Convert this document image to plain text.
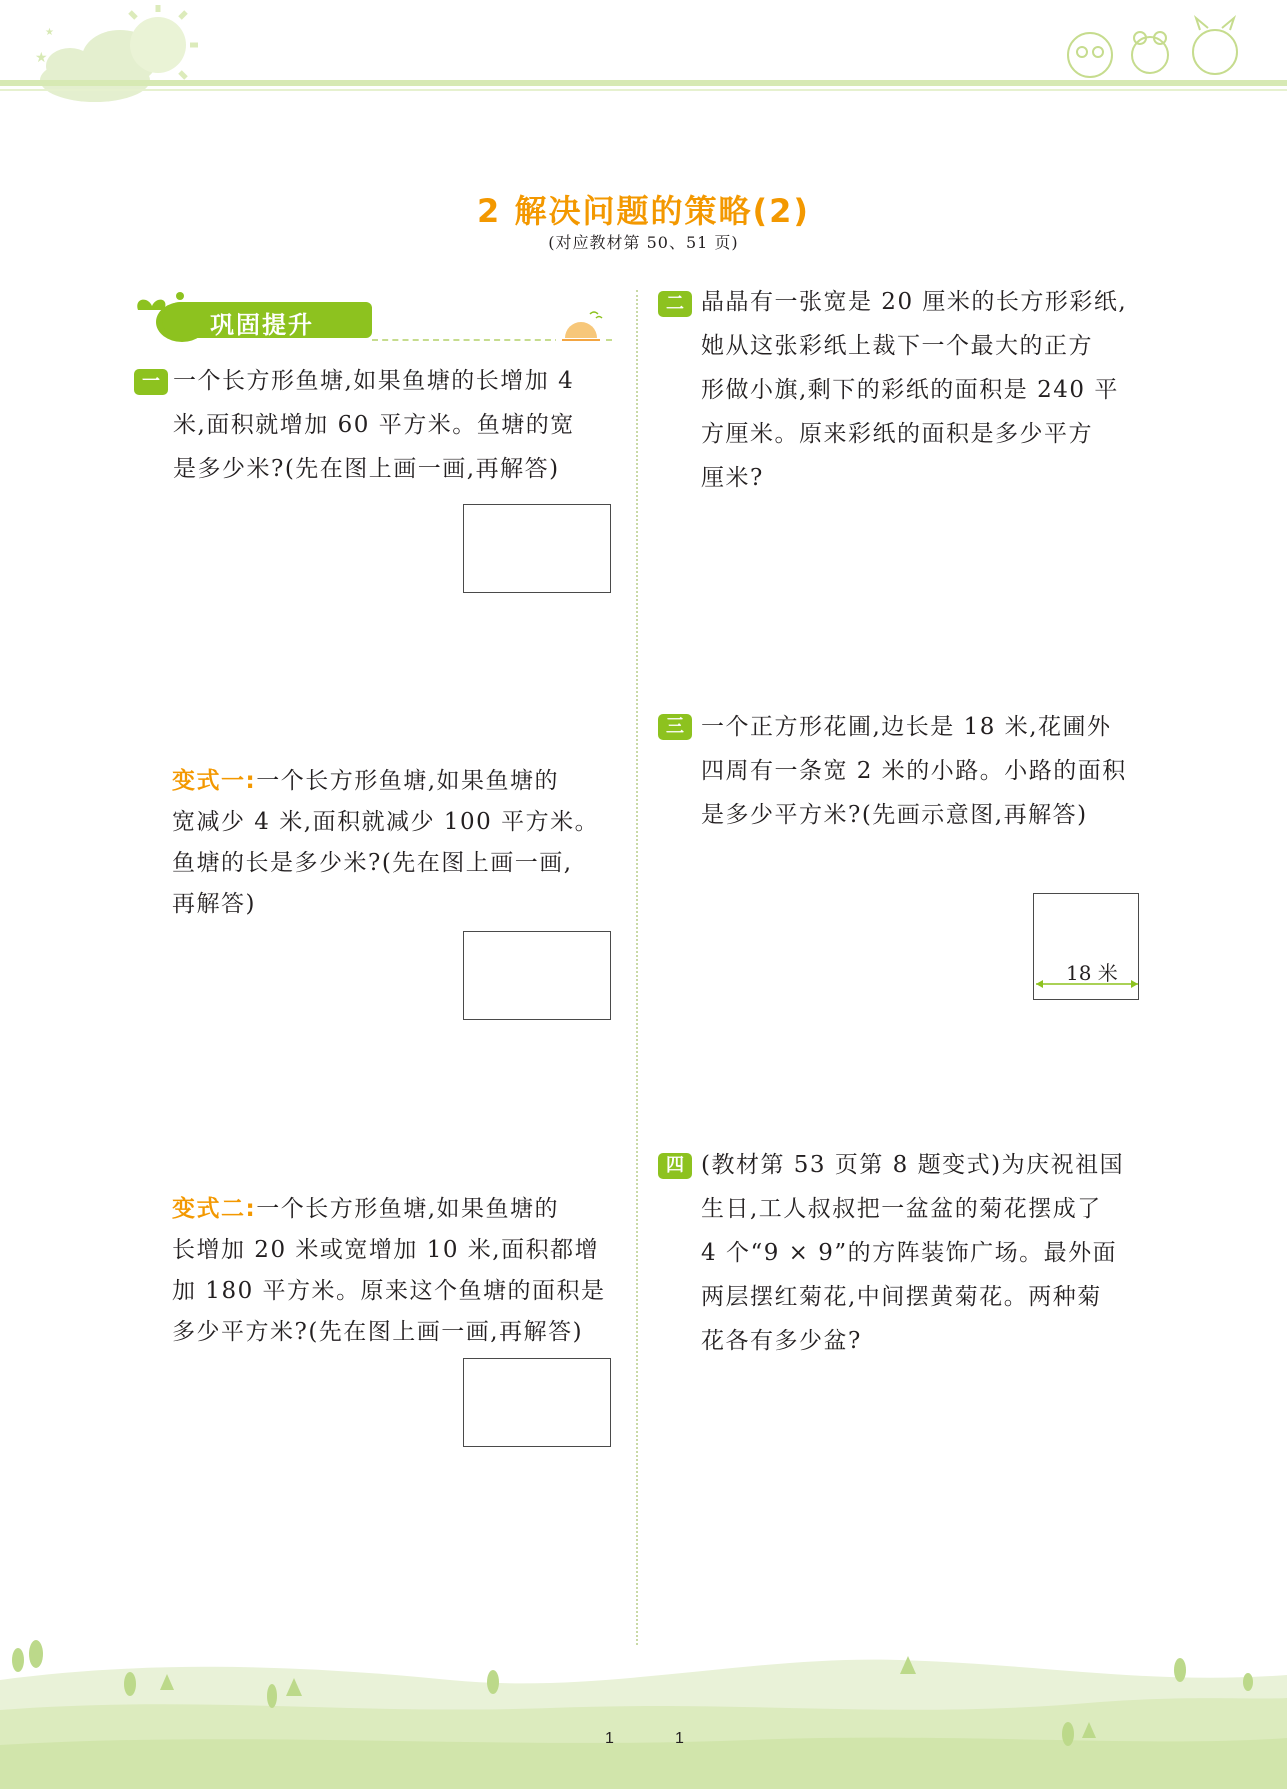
★
★
2 解决问题的策略(2)
(对应教材第 50、51 页)
巩固提升
一 一个长方形鱼塘,如果鱼塘的长增加 4
米,面积就增加 60 平方米。鱼塘的宽
是多少米?(先在图上画一画,再解答)
变式一:一个长方形鱼塘,如果鱼塘的
宽减少 4 米,面积就减少 100 平方米。
鱼塘的长是多少米?(先在图上画一画,
再解答)
变式二:一个长方形鱼塘,如果鱼塘的
长增加 20 米或宽增加 10 米,面积都增
加 180 平方米。原来这个鱼塘的面积是
多少平方米?(先在图上画一画,再解答)
二 晶晶有一张宽是 20 厘米的长方形彩纸,
她从这张彩纸上裁下一个最大的正方
形做小旗,剩下的彩纸的面积是 240 平
方厘米。原来彩纸的面积是多少平方
厘米?
三 一个正方形花圃,边长是 18 米,花圃外
四周有一条宽 2 米的小路。小路的面积
是多少平方米?(先画示意图,再解答)
18 米
四 (教材第 53 页第 8 题变式)为庆祝祖国
生日,工人叔叔把一盆盆的菊花摆成了
4 个“9 × 9”的方阵装饰广场。最外面
两层摆红菊花,中间摆黄菊花。两种菊
花各有多少盆?
1	1
